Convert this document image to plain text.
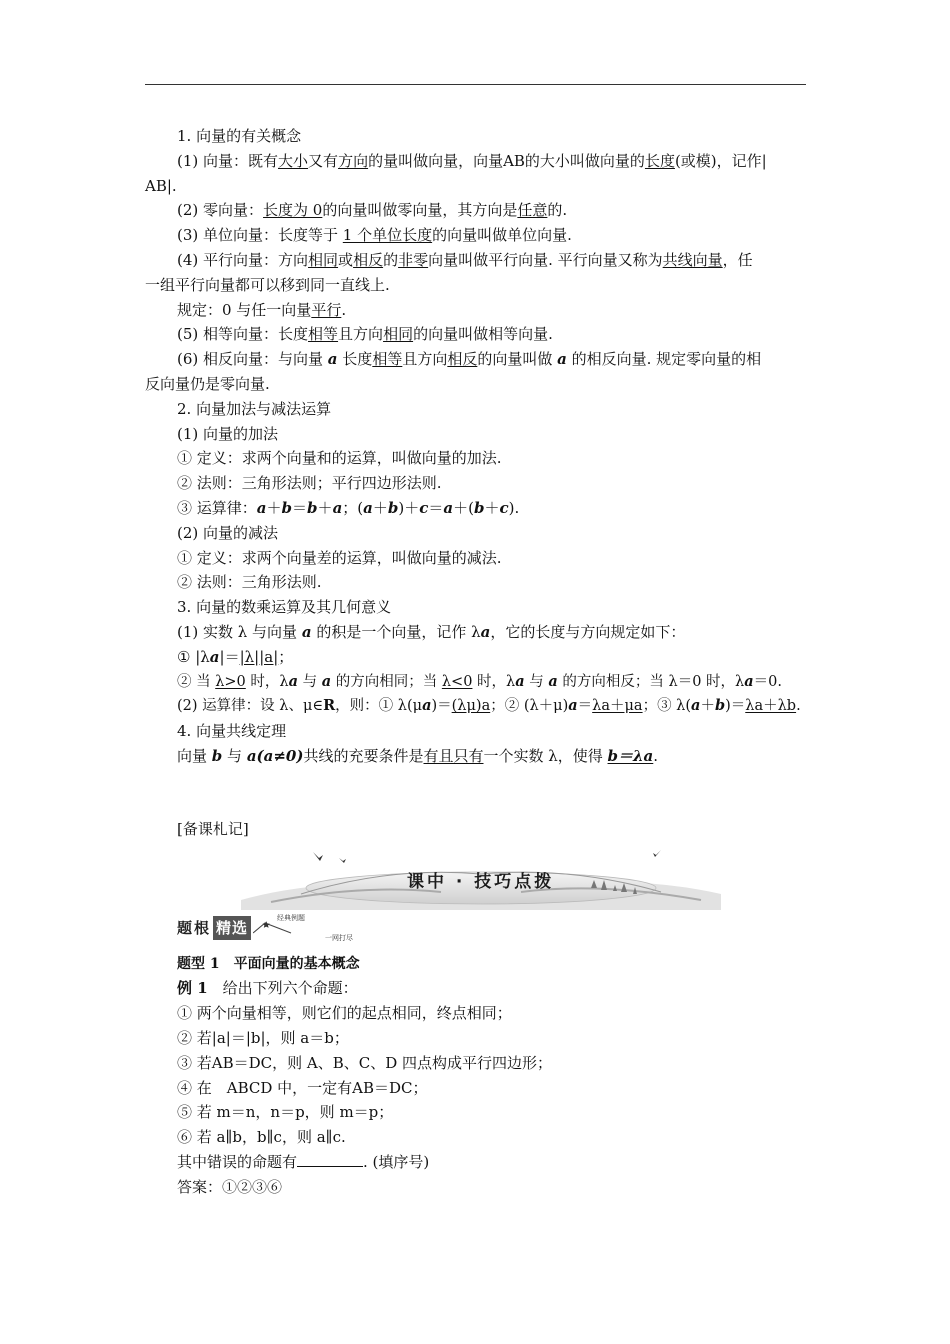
1. 向量的有关概念

(1) 向量：既有大小又有方向的量叫做向量，向量AB的大小叫做向量的长度(或模)，记作|
AB|.

(2) 零向量：长度为 0的向量叫做零向量，其方向是任意的.

(3) 单位向量：长度等于 1 个单位长度的向量叫做单位向量.

(4) 平行向量：方向相同或相反的非零向量叫做平行向量. 平行向量又称为共线向量，任
一组平行向量都可以移到同一直线上.

规定：0 与任一向量平行.

(5) 相等向量：长度相等且方向相同的向量叫做相等向量.

(6) 相反向量：与向量 a 长度相等且方向相反的向量叫做 a 的相反向量. 规定零向量的相
反向量仍是零向量.

2. 向量加法与减法运算

(1) 向量的加法

① 定义：求两个向量和的运算，叫做向量的加法.

② 法则：三角形法则；平行四边形法则.

③ 运算律：a＋b＝b＋a；(a＋b)＋c＝a＋(b＋c).

(2) 向量的减法

① 定义：求两个向量差的运算，叫做向量的减法.

② 法则：三角形法则.

3. 向量的数乘运算及其几何意义

(1) 实数 λ 与向量 a 的积是一个向量，记作 λa，它的长度与方向规定如下：

① |λa|＝|λ||a|；

② 当 λ>0 时，λa 与 a 的方向相同；当 λ<0 时，λa 与 a 的方向相反；当 λ＝0 时，λa＝0.

(2) 运算律：设 λ、μ∈R，则：① λ(μa)＝(λμ)a；② (λ＋μ)a＝λa＋μa；③ λ(a＋b)＝λa＋λb.

4. 向量共线定理

向量 b 与 a(a≠0)共线的充要条件是有且只有一个实数 λ，使得 b＝λa.

[备课札记]

课中 · 技巧点拨
题根 精选
经典例题
一网打尽

题型 1　平面向量的基本概念

例 1　给出下列六个命题：

① 两个向量相等，则它们的起点相同，终点相同；

② 若|a|＝|b|，则 a＝b；

③ 若AB＝DC，则 A、B、C、D 四点构成平行四边形；

④ 在　ABCD 中，一定有AB＝DC；

⑤ 若 m＝n，n＝p，则 m＝p；

⑥ 若 a∥b，b∥c，则 a∥c.

其中错误的命题有	. (填序号)

答案：①②③⑥
